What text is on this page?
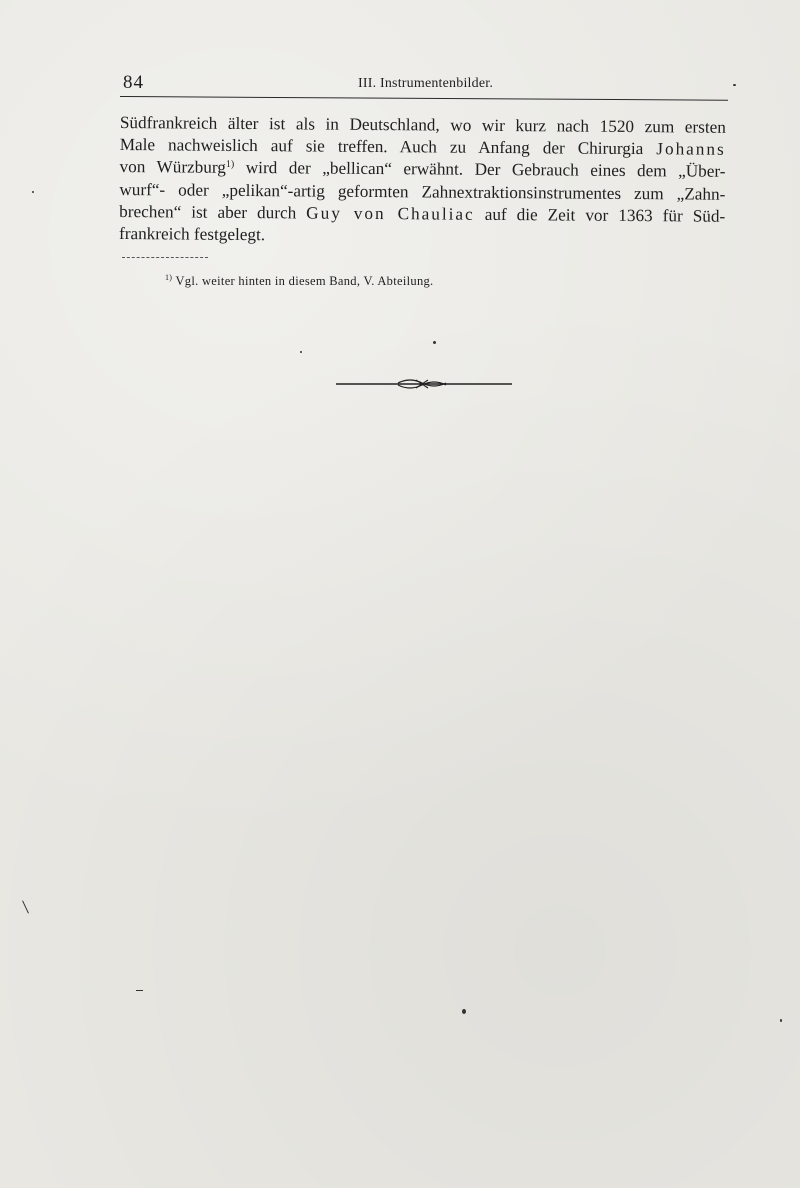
84	III. Instrumentenbilder.
Südfrankreich älter ist als in Deutschland, wo wir kurz nach 1520 zum ersten
Male nachweislich auf sie treffen. Auch zu Anfang der Chirurgia Johanns
von Würzburg$^{1)}$ wird der „bellican“ erwähnt. Der Gebrauch eines dem „Über-
wurf“- oder „pelikan“-artig geformten Zahnextraktionsinstrumentes zum „Zahn-
brechen“ ist aber durch Guy von Chauliac auf die Zeit vor 1363 für Süd-
frankreich festgelegt.
$^{1)}$ Vgl. weiter hinten in diesem Band, V. Abteilung.
